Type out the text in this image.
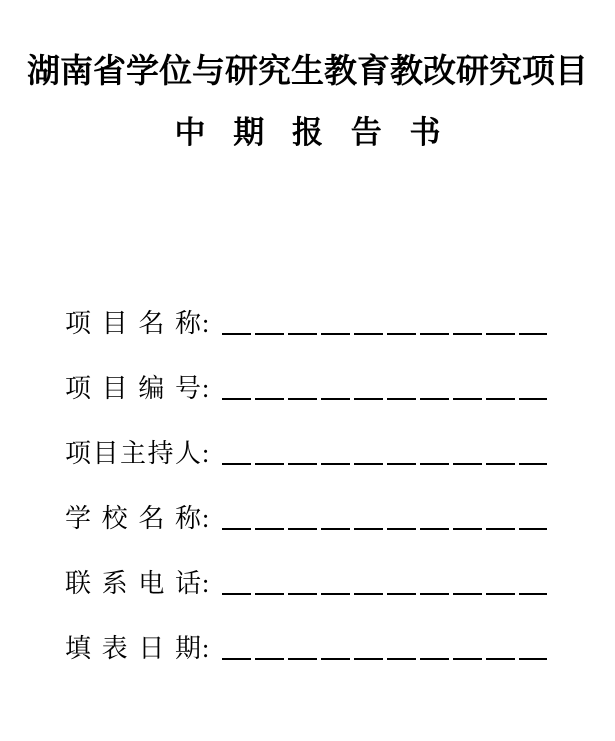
湖南省学位与研究生教育教改研究项目
中期报告书
项目名称 :
项目编号 :
项目主持人 :
学校名称 :
联系电话 :
填表日期 :
